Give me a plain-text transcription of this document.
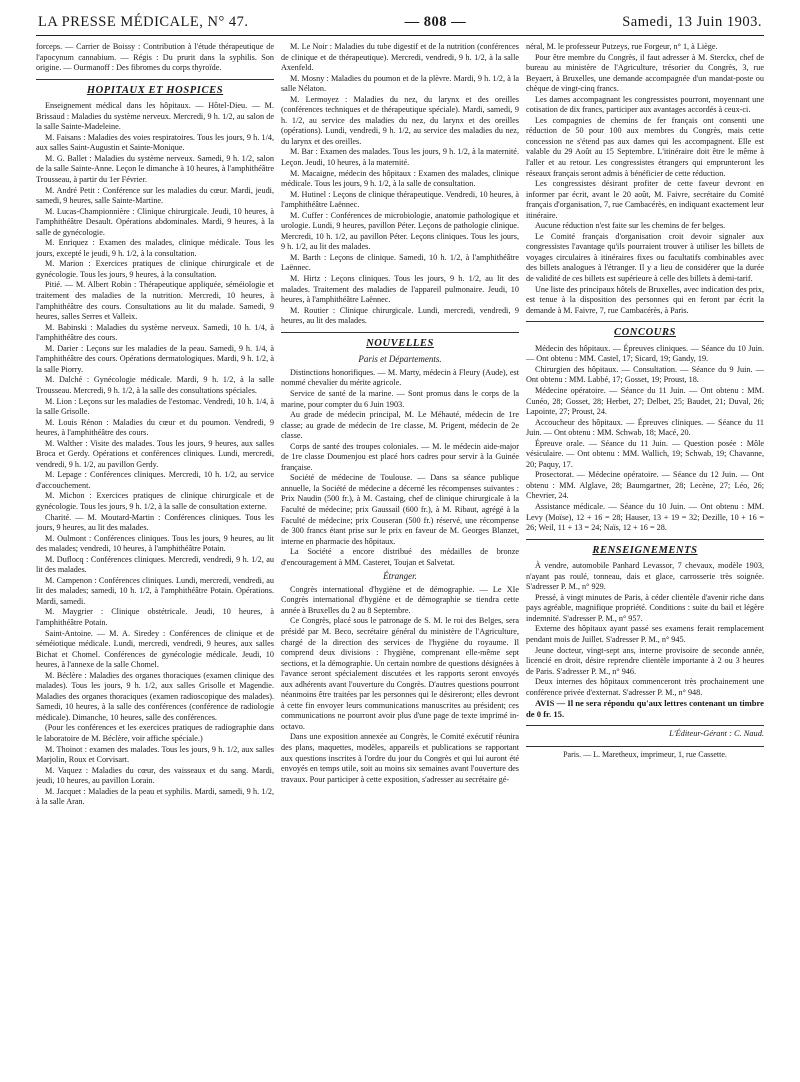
LA PRESSE MÉDICALE, N° 47.	— 808 —	Samedi, 13 Juin 1903.

forceps. — Carrier de Boissy : Contribution à l'étude thérapeutique de l'apocynum cannabium. — Régis : Du prurit dans la syphilis. Son origine. — Ourmanoff : Des fibromes du corps thyroïde.

HOPITAUX ET HOSPICES

Enseignement médical dans les hôpitaux. — Hôtel-Dieu. — M. Brissaud : Maladies du système nerveux. Mercredi, 9 h. 1/2, au salon de la salle Sainte-Madeleine.

M. Faisans : Maladies des voies respiratoires. Tous les jours, 9 h. 1/4, aux salles Saint-Augustin et Sainte-Monique.

M. G. Ballet : Maladies du système nerveux. Samedi, 9 h. 1/2, salon de la salle Sainte-Anne. Leçon le dimanche à 10 heures, à l'amphithéâtre Trousseau, à partir du 1er Février.

M. André Petit : Conférence sur les maladies du cœur. Mardi, jeudi, samedi, 9 heures, salle Sainte-Martine.

M. Lucas-Championnière : Clinique chirurgicale. Jeudi, 10 heures, à l'amphithéâtre Desault. Opérations abdominales. Mardi, 9 heures, à la salle de gynécologie.

M. Enriquez : Examen des malades, clinique médicale. Tous les jours, excepté le jeudi, 9 h. 1/2, à la consultation.

M. Marion : Exercices pratiques de clinique chirurgicale et de gynécologie. Tous les jours, 9 heures, à la consultation.

Pitié. — M. Albert Robin : Thérapeutique appliquée, séméiologie et traitement des maladies de la nutrition. Mercredi, 10 heures, à l'amphithéâtre des cours. Consultations au lit du malade. Samedi, 9 heures, salles Serres et Valleix.

M. Babinski : Maladies du système nerveux. Samedi, 10 h. 1/4, à l'amphithéâtre des cours.

M. Darier : Leçons sur les maladies de la peau. Samedi, 9 h. 1/4, à l'amphithéâtre des cours. Opérations dermatologiques. Mardi, 9 h. 1/2, à la salle Piorry.

M. Dalché : Gynécologie médicale. Mardi, 9 h. 1/2, à la salle Trousseau. Mercredi, 9 h. 1/2, à la salle des consultations spéciales.

M. Lion : Leçons sur les maladies de l'estomac. Vendredi, 10 h. 1/4, à la salle Grisolle.

M. Louis Rénon : Maladies du cœur et du poumon. Vendredi, 9 heures, à l'amphithéâtre des cours.

M. Walther : Visite des malades. Tous les jours, 9 heures, aux salles Broca et Gerdy. Opérations et conférences cliniques. Lundi, mercredi, vendredi, 9 h. 1/2, au pavillon Gerdy.

M. Lepage : Conférences cliniques. Mercredi, 10 h. 1/2, au service d'accouchement.

M. Michon : Exercices pratiques de clinique chirurgicale et de gynécologie. Tous les jours, 9 h. 1/2, à la salle de consultation externe.

Charité. — M. Moutard-Martin : Conférences cliniques. Tous les jours, 9 heures, au lit des malades.

M. Oulmont : Conférences cliniques. Tous les jours, 9 heures, au lit des malades; vendredi, 10 heures, à l'amphithéâtre Potain.

M. Duflocq : Conférences cliniques. Mercredi, vendredi, 9 h. 1/2, au lit des malades.

M. Campenon : Conférences cliniques. Lundi, mercredi, vendredi, au lit des malades; samedi, 10 h. 1/2, à l'amphithéâtre Potain. Opérations. Mardi, samedi.

M. Maygrier : Clinique obstétricale. Jeudi, 10 heures, à l'amphithéâtre Potain.

Saint-Antoine. — M. A. Siredey : Conférences de clinique et de séméiotique médicale. Lundi, mercredi, vendredi, 9 heures, aux salles Bichat et Chomel. Conférences de gynécologie médicale. Jeudi, 10 heures, à l'annexe de la salle Chomel.

M. Béclère : Maladies des organes thoraciques (examen clinique des malades). Tous les jours, 9 h. 1/2, aux salles Grisolle et Magendie. Maladies des organes thoraciques (examen radioscopique des malades). Samedi, 10 heures, à la salle des conférences (conférence de radiologie médicale). Dimanche, 10 heures, salle des conférences.

(Pour les conférences et les exercices pratiques de radiographie dans le laboratoire de M. Béclère, voir affiche spéciale.)

M. Thoinot : examen des malades. Tous les jours, 9 h. 1/2, aux salles Marjolin, Roux et Corvisart.

M. Vaquez : Maladies du cœur, des vaisseaux et du sang. Mardi, jeudi, 10 heures, au pavillon Lorain.

M. Jacquet : Maladies de la peau et syphilis. Mardi, samedi, 9 h. 1/2, à la salle Aran.

M. Le Noir : Maladies du tube digestif et de la nutrition (conférences de clinique et de thérapeutique). Mercredi, vendredi, 9 h. 1/2, à la salle Axenfeld.

M. Mosny : Maladies du poumon et de la plèvre. Mardi, 9 h. 1/2, à la salle Nélaton.

M. Lermoyez : Maladies du nez, du larynx et des oreilles (conférences techniques et de thérapeutique spéciale). Mardi, samedi, 9 h. 1/2, au service des maladies du nez, du larynx et des oreilles (opérations). Lundi, vendredi, 9 h. 1/2, au service des maladies du nez, du larynx et des oreilles.

M. Bar : Examen des malades. Tous les jours, 9 h. 1/2, à la maternité. Leçon. Jeudi, 10 heures, à la maternité.

M. Macaigne, médecin des hôpitaux : Examen des malades, clinique médicale. Tous les jours, 9 h. 1/2, à la salle de consultation.

M. Hutinel : Leçons de clinique thérapeutique. Vendredi, 10 heures, à l'amphithéâtre Laënnec.

M. Cuffer : Conférences de microbiologie, anatomie pathologique et urologie. Lundi, 9 heures, pavillon Péter. Leçons de pathologie clinique. Mercredi, 10 h. 1/2, au pavillon Péter. Leçons cliniques. Tous les jours, 9 h. 1/2, au lit des malades.

M. Barth : Leçons de clinique. Samedi, 10 h. 1/2, à l'amphithéâtre Laënnec.

M. Hirtz : Leçons cliniques. Tous les jours, 9 h. 1/2, au lit des malades. Traitement des maladies de l'appareil pulmonaire. Jeudi, 10 heures, à l'amphithéâtre Laënnec.

M. Routier : Clinique chirurgicale. Lundi, mercredi, vendredi, 9 heures, au lit des malades.

NOUVELLES
Paris et Départements.

Distinctions honorifiques. — M. Marty, médecin à Fleury (Aude), est nommé chevalier du mérite agricole.

Service de santé de la marine. — Sont promus dans le corps de la marine, pour compter du 6 Juin 1903.

Au grade de médecin principal, M. Le Méhauté, médecin de 1re classe; au grade de médecin de 1re classe, M. Prigent, médecin de 2e classe.

Corps de santé des troupes coloniales. — M. le médecin aide-major de 1re classe Doumenjou est placé hors cadres pour servir à la Guinée française.

Société de médecine de Toulouse. — Dans sa séance publique annuelle, la Société de médecine a décerné les récompenses suivantes : Prix Naudin (500 fr.), à M. Castaing, chef de clinique chirurgicale à la Faculté de médecine; prix Gaussail (600 fr.), à M. Ribaut, agrégé à la Faculté de médecine; prix Couseran (500 fr.) réservé, une récompense de 300 francs étant prise sur le prix en faveur de M. Georges Blanzet, interne en pharmacie des hôpitaux.

La Société a encore distribué des médailles de bronze d'encouragement à MM. Casteret, Toujan et Salvetat.

Étranger.

Congrès international d'hygiène et de démographie. — Le XIe Congrès international d'hygiène et de démographie se tiendra cette année à Bruxelles du 2 au 8 Septembre.

Ce Congrès, placé sous le patronage de S. M. le roi des Belges, sera présidé par M. Beco, secrétaire général du ministère de l'Agriculture, chargé de la direction des services de l'hygiène du royaume. Il comprend deux divisions : l'hygiène, comprenant elle-même sept sections, et la démographie. Un certain nombre de questions désignées à l'avance seront spécialement discutées et les rapports seront envoyés aux adhérents avant l'ouverture du Congrès. D'autres questions pourront néanmoins être traitées par les personnes qui le désireront; elles devront à cette fin envoyer leurs communications manuscrites au président; ces communications ne pourront avoir plus d'une page de texte imprimé in-octavo.

Dans une exposition annexée au Congrès, le Comité exécutif réunira des plans, maquettes, modèles, appareils et publications se rapportant aux questions inscrites à l'ordre du jour du Congrès et qui lui auront été envoyés en temps utile, soit au moins six semaines avant l'ouverture des travaux. Pour participer à cette exposition, s'adresser au secrétaire gé-

néral, M. le professeur Putzeys, rue Forgeur, n° 1, à Liège.

Pour être membre du Congrès, il faut adresser à M. Sterckx, chef de bureau au ministère de l'Agriculture, trésorier du Congrès, 3, rue Beyaert, à Bruxelles, une demande accompagnée d'un mandat-poste ou chèque de vingt-cinq francs.

Les dames accompagnant les congressistes pourront, moyennant une cotisation de dix francs, participer aux avantages accordés à ceux-ci.

Les compagnies de chemins de fer français ont consenti une réduction de 50 pour 100 aux membres du Congrès, mais cette concession ne s'étend pas aux dames qui les accompagnent. Elle est valable du 29 Août au 15 Septembre. L'itinéraire doit être le même à l'aller et au retour. Les congressistes étrangers qui emprunteront les réseaux français seront admis à bénéficier de cette réduction.

Les congressistes désirant profiter de cette faveur devront en informer par écrit, avant le 20 août, M. Faivre, secrétaire du Comité français d'organisation, 7, rue Cambacérès, en indiquant exactement leur itinéraire.

Aucune réduction n'est faite sur les chemins de fer belges.

Le Comité français d'organisation croit devoir signaler aux congressistes l'avantage qu'ils pourraient trouver à utiliser les billets de voyages circulaires à itinéraires fixes ou facultatifs combinables avec des billets analogues à l'étranger. Il y a lieu de considérer que la durée de validité de ces billets est supérieure à celle des billets à demi-tarif.

Une liste des principaux hôtels de Bruxelles, avec indication des prix, est tenue à la disposition des personnes qui en feront par écrit la demande à M. Faivre, 7, rue Cambacérès, à Paris.

CONCOURS

Médecin des hôpitaux. — Épreuves cliniques. — Séance du 10 Juin. — Ont obtenu : MM. Castel, 17; Sicard, 19; Gandy, 19.

Chirurgien des hôpitaux. — Consultation. — Séance du 9 Juin. — Ont obtenu : MM. Labbé, 17; Gosset, 19; Proust, 18.

Médecine opératoire. — Séance du 11 Juin. — Ont obtenu : MM. Cunéo, 28; Gosset, 28; Herbet, 27; Delbet, 25; Baudet, 21; Duval, 26; Lapointe, 27; Proust, 24.

Accoucheur des hôpitaux. — Épreuves cliniques. — Séance du 11 Juin. — Ont obtenu : MM. Schwab, 18; Macé, 20.

Épreuve orale. — Séance du 11 Juin. — Question posée : Môle vésiculaire. — Ont obtenu : MM. Wallich, 19; Schwab, 19; Chavanne, 20; Paquy, 17.

Prosectorat. — Médecine opératoire. — Séance du 12 Juin. — Ont obtenu : MM. Alglave, 28; Baumgartner, 28; Lecène, 27; Léo, 26; Chevrier, 24.

Assistance médicale. — Séance du 10 Juin. — Ont obtenu : MM. Levy (Moïse), 12 + 16 = 28; Hauser, 13 + 19 = 32; Dezille, 10 + 16 = 26; Weil, 11 + 13 = 24; Naïs, 12 + 16 = 28.

RENSEIGNEMENTS

À vendre, automobile Panhard Levassor, 7 chevaux, modèle 1903, n'ayant pas roulé, tonneau, dais et glace, carrosserie très soignée. S'adresser P. M., n° 929.

Pressé, à vingt minutes de Paris, à céder clientèle d'avenir riche dans pays agréable, magnifique propriété. Conditions : suite du bail et légère indemnité. S'adresser P. M., n° 957.

Externe des hôpitaux ayant passé ses examens ferait remplacement pendant mois de Juillet. S'adresser P. M., n° 945.

Jeune docteur, vingt-sept ans, interne provisoire de seconde année, licencié en droit, désire reprendre clientèle importante à 2 ou 3 heures de Paris. S'adresser P. M., n° 946.

Deux internes des hôpitaux commenceront très prochainement une conférence privée d'externat. S'adresser P. M., n° 948.

AVIS — Il ne sera répondu qu'aux lettres contenant un timbre de 0 fr. 15.

L'Éditeur-Gérant : C. Naud.
Paris. — L. Maretheux, imprimeur, 1, rue Cassette.
